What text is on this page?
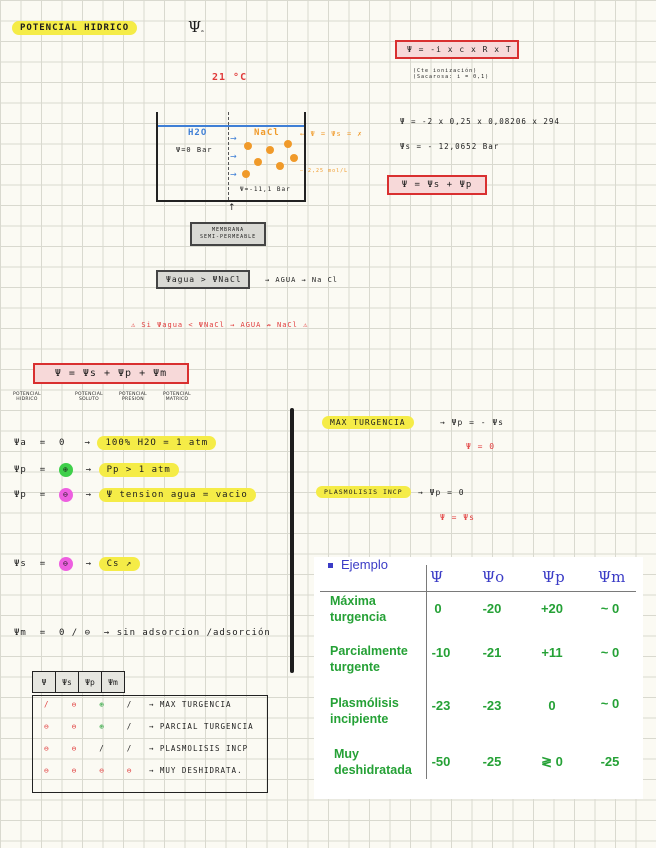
POTENCIAL HIDRICO	Ψₐ
Ψ = -i x c x R x T
(Cte ionización)
(Sacarosa: i = 0,1)
21 °C
H2O	NaCl
Ψ=0 Bar
Ψ=-11,1 Bar
→
→
→
← Ψ = Ψs = ✗
— 2,25 mol/L
↑
MEMBRANA
SEMI-PERMEABLE
Ψ = -2 x 0,25 x 0,08206 x 294
Ψs = - 12,0652 Bar
Ψ = Ψs + Ψp
Ψagua > ΨNaCl	→ AGUA → Na Cl
⚠ Si Ψagua < ΨNaCl → AGUA ↛ NaCl ⚠
Ψ = Ψs + Ψp + Ψm
POTENCIAL HIDRICO
POTENCIAL SOLUTO
POTENCIAL PRESION
POTENCIAL MATRICO
Ψa = 0 → 100% H2O = 1 atm
Ψp = ⊕ → Pp > 1 atm
Ψp = ⊖ → Ψ tension agua = vacio
Ψs = ⊖ → Cs ↗
Ψm = 0 / ⊖ → sin adsorcion /adsorción
MAX TURGENCIA	→ Ψp = - Ψs
Ψ = 0
PLASMOLISIS INCP	→ Ψp = 0
Ψ = Ψs
Ψ	Ψs	Ψp	Ψm
/	⊖	⊕	/ → MAX TURGENCIA
⊖	⊖	⊕	/ → PARCIAL TURGENCIA
⊖	⊖	/	/ → PLASMOLISIS INCP
⊖	⊖	⊖	⊖ → MUY DESHIDRATA.
Ejemplo
Ψ	Ψo	Ψp Ψm
Máxima
turgencia
0	-20	+20	~ 0
Parcialmente
turgente
-10	-21	+11	~ 0
Plasmólisis
incipiente
-23	-23	0	~ 0
Muy
deshidratada
-50	-25	≷ 0	-25
